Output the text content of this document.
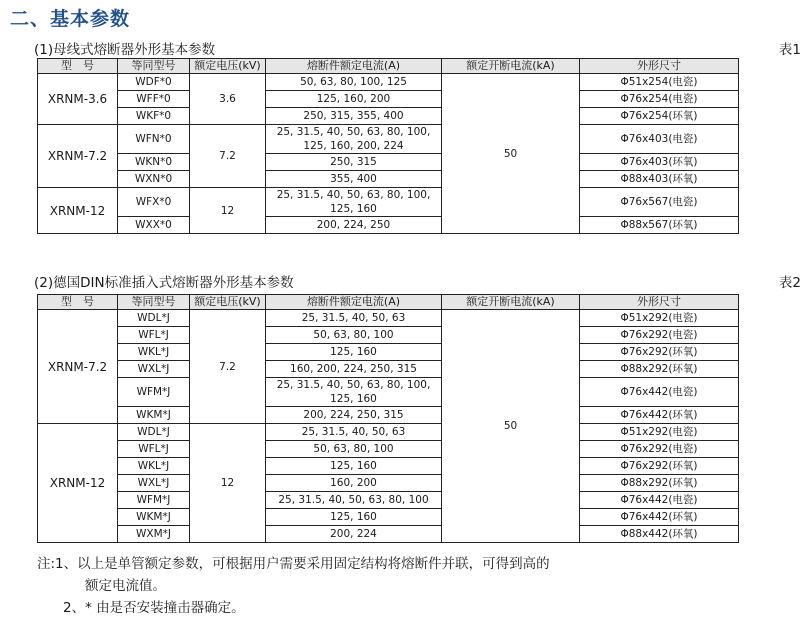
二、基本参数
(1)母线式熔断器外形基本参数	表1
型　号	等同型号	额定电压(kV)	熔断件额定电流(A)	额定开断电流(kA)	外形尺寸
XRNM-3.6	WDF*0	3.6	50, 63, 80, 100, 125	50	Φ51x254(电瓷)
	WFF*0		125, 160, 200		Φ76x254(电瓷)
	WKF*0		250, 315, 355, 400		Φ76x254(环氧)
XRNM-7.2	WFN*0	7.2	25, 31.5, 40, 50, 63, 80, 100, 125, 160, 200, 224		Φ76x403(电瓷)
	WKN*0		250, 315		Φ76x403(环氧)
	WXN*0		355, 400		Φ88x403(环氧)
XRNM-12	WFX*0	12	25, 31.5, 40, 50, 63, 80, 100, 125, 160		Φ76x567(电瓷)
	WXX*0		200, 224, 250		Φ88x567(环氧)
(2)德国DIN标准插入式熔断器外形基本参数	表2
型　号	等同型号	额定电压(kV)	熔断件额定电流(A)	额定开断电流(kA)	外形尺寸
XRNM-7.2	WDL*J	7.2	25, 31.5, 40, 50, 63	50	Φ51x292(电瓷)
	WFL*J		50, 63, 80, 100		Φ76x292(电瓷)
	WKL*J		125, 160		Φ76x292(环氧)
	WXL*J		160, 200, 224, 250, 315		Φ88x292(环氧)
	WFM*J		25, 31.5, 40, 50, 63, 80, 100, 125, 160		Φ76x442(电瓷)
	WKM*J		200, 224, 250, 315		Φ76x442(环氧)
XRNM-12	WDL*J	12	25, 31.5, 40, 50, 63		Φ51x292(电瓷)
	WFL*J		50, 63, 80, 100		Φ76x292(电瓷)
	WKL*J		125, 160		Φ76x292(环氧)
	WXL*J		160, 200		Φ88x292(环氧)
	WFM*J		25, 31.5, 40, 50, 63, 80, 100		Φ76x442(电瓷)
	WKM*J		125, 160		Φ76x442(环氧)
	WXM*J		200, 224		Φ88x442(环氧)
注:1、以上是单管额定参数，可根据用户需要采用固定结构将熔断件并联，可得到高的
额定电流值。
2、* 由是否安装撞击器确定。
